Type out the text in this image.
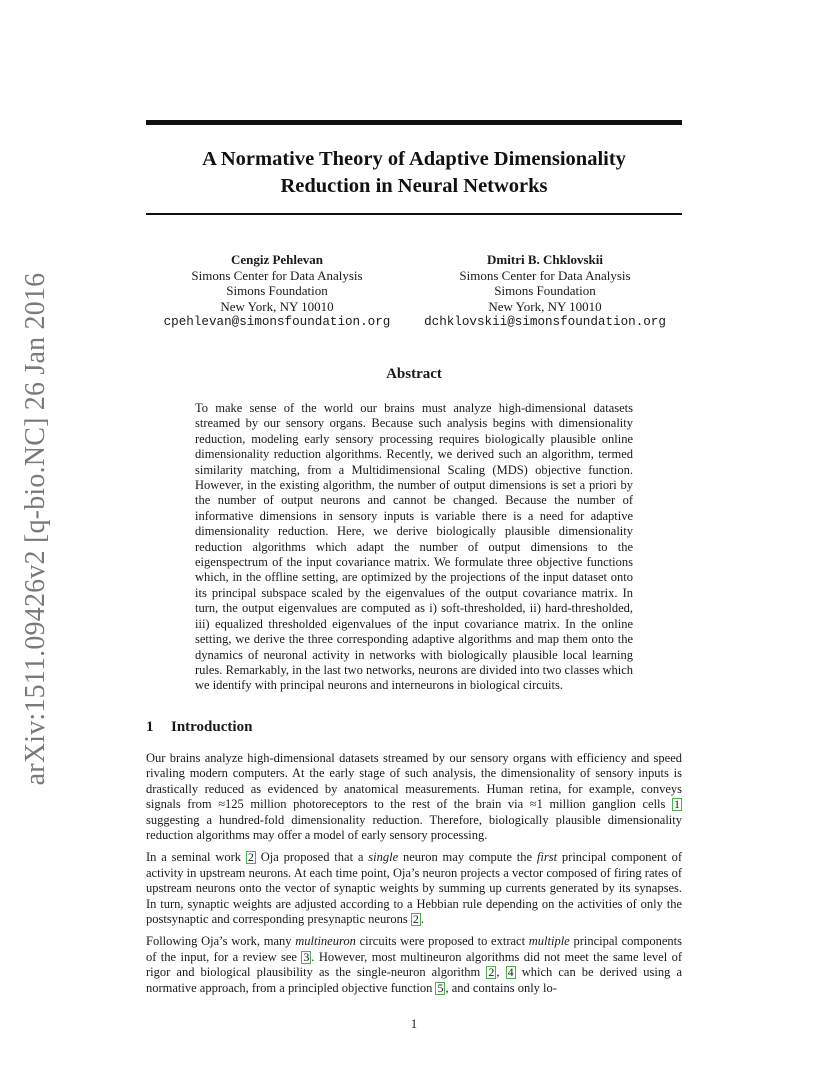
arXiv:1511.09426v2 [q-bio.NC] 26 Jan 2016
A Normative Theory of Adaptive Dimensionality
Reduction in Neural Networks
Cengiz Pehlevan
Simons Center for Data Analysis
Simons Foundation
New York, NY 10010
cpehlevan@simonsfoundation.org
Dmitri B. Chklovskii
Simons Center for Data Analysis
Simons Foundation
New York, NY 10010
dchklovskii@simonsfoundation.org
Abstract
To make sense of the world our brains must analyze high-dimensional datasets streamed by our sensory organs. Because such analysis begins with dimensionality reduction, modeling early sensory processing requires biologically plausible online dimensionality reduction algorithms. Recently, we derived such an algorithm, termed similarity matching, from a Multidimensional Scaling (MDS) objective function. However, in the existing algorithm, the number of output dimensions is set a priori by the number of output neurons and cannot be changed. Because the number of informative dimensions in sensory inputs is variable there is a need for adaptive dimensionality reduction. Here, we derive biologically plausible dimensionality reduction algorithms which adapt the number of output dimensions to the eigenspectrum of the input covariance matrix. We formulate three objective functions which, in the offline setting, are optimized by the projections of the input dataset onto its principal subspace scaled by the eigenvalues of the output covariance matrix. In turn, the output eigenvalues are computed as i) soft-thresholded, ii) hard-thresholded, iii) equalized thresholded eigenvalues of the input covariance matrix. In the online setting, we derive the three corresponding adaptive algorithms and map them onto the dynamics of neuronal activity in networks with biologically plausible local learning rules. Remarkably, in the last two networks, neurons are divided into two classes which we identify with principal neurons and interneurons in biological circuits.
1 Introduction

Our brains analyze high-dimensional datasets streamed by our sensory organs with efficiency and speed rivaling modern computers. At the early stage of such analysis, the dimensionality of sensory inputs is drastically reduced as evidenced by anatomical measurements. Human retina, for example, conveys signals from ≈125 million photoreceptors to the rest of the brain via ≈1 million ganglion cells 1 suggesting a hundred-fold dimensionality reduction. Therefore, biologically plausible dimensionality reduction algorithms may offer a model of early sensory processing.

In a seminal work 2 Oja proposed that a single neuron may compute the first principal component of activity in upstream neurons. At each time point, Oja’s neuron projects a vector composed of firing rates of upstream neurons onto the vector of synaptic weights by summing up currents generated by its synapses. In turn, synaptic weights are adjusted according to a Hebbian rule depending on the activities of only the postsynaptic and corresponding presynaptic neurons 2 .

Following Oja’s work, many multineuron circuits were proposed to extract multiple principal components of the input, for a review see 3 . However, most multineuron algorithms did not meet the same level of rigor and biological plausibility as the single-neuron algorithm 2 , 4 which can be derived using a normative approach, from a principled objective function 5 , and contains only lo-

1
